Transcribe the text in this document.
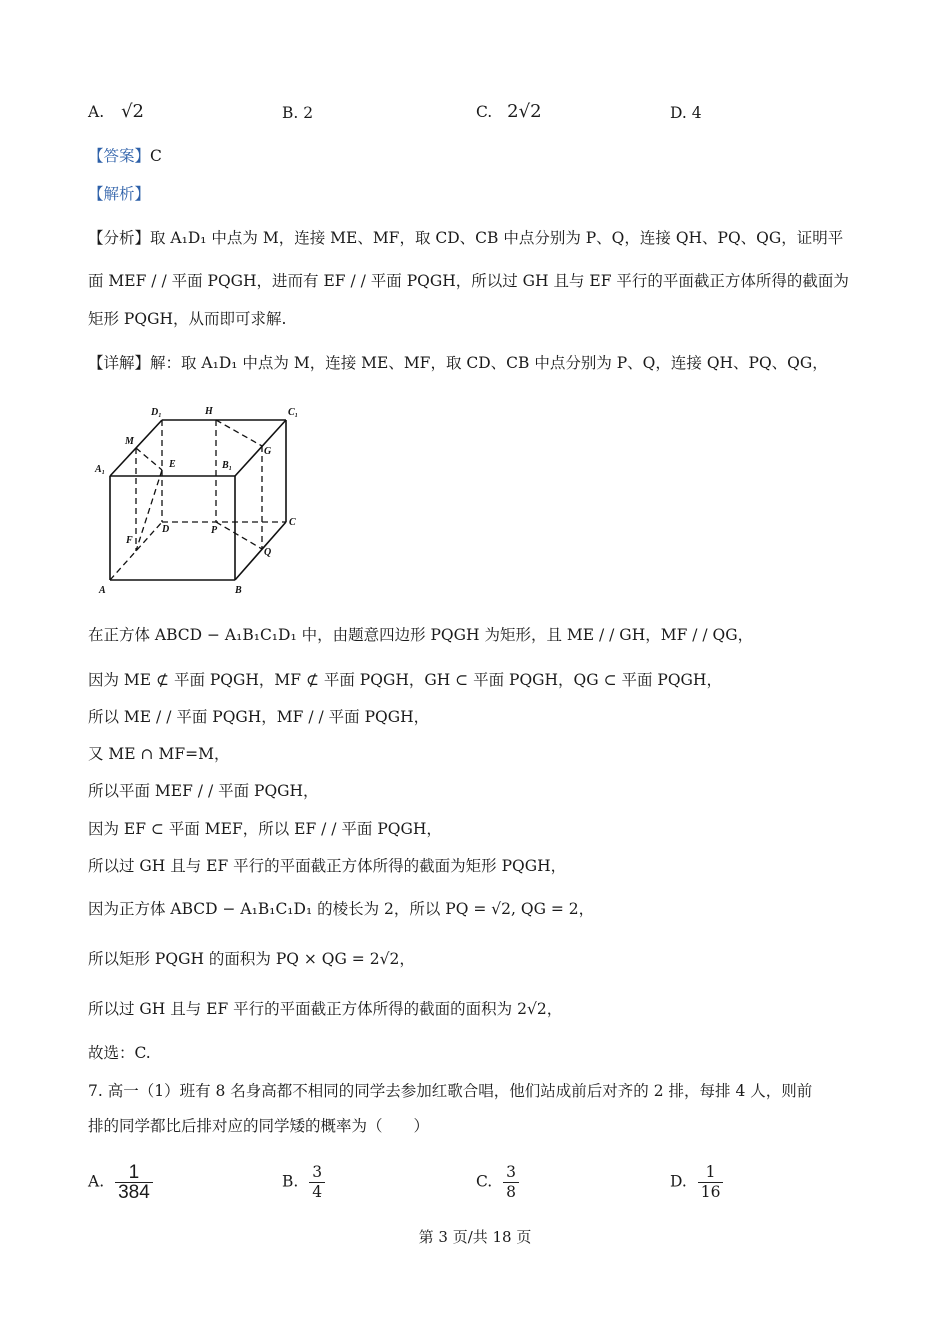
A. √2	B. 2	C. 2√2	D. 4
【答案】C
【解析】
【分析】取 A₁D₁ 中点为 M，连接 ME、MF，取 CD、CB 中点分别为 P、Q，连接 QH、PQ、QG，证明平
面 MEF / / 平面 PQGH，进而有 EF / / 平面 PQGH，所以过 GH 且与 EF 平行的平面截正方体所得的截面为
矩形 PQGH，从而即可求解.
【详解】解：取 A₁D₁ 中点为 M，连接 ME、MF，取 CD、CB 中点分别为 P、Q，连接 QH、PQ、QG，
D₁	H	C₁
M
G
A₁	E	B₁
D	P
C
F
Q
A	B
在正方体 ABCD − A₁B₁C₁D₁ 中，由题意四边形 PQGH 为矩形，且 ME / / GH，MF / / QG，
因为 ME ⊄ 平面 PQGH，MF ⊄ 平面 PQGH，GH ⊂ 平面 PQGH，QG ⊂ 平面 PQGH，
所以 ME / / 平面 PQGH，MF / / 平面 PQGH，
又 ME ∩ MF=M，
所以平面 MEF / / 平面 PQGH，
因为 EF ⊂ 平面 MEF，所以 EF / / 平面 PQGH，
所以过 GH 且与 EF 平行的平面截正方体所得的截面为矩形 PQGH，
因为正方体 ABCD − A₁B₁C₁D₁ 的棱长为 2，所以 PQ = √2, QG = 2，
所以矩形 PQGH 的面积为 PQ × QG = 2√2，
所以过 GH 且与 EF 平行的平面截正方体所得的截面的面积为 2√2，
故选：C.
7. 高一（1）班有 8 名身高都不相同的同学去参加红歌合唱，他们站成前后对齐的 2 排，每排 4 人，则前
排的同学都比后排对应的同学矮的概率为（　　）
A. $\frac{1}{384}$	B. $\frac{3}{4}$	C. $\frac{3}{8}$	D. $\frac{1}{16}$
第 3 页/共 18 页
